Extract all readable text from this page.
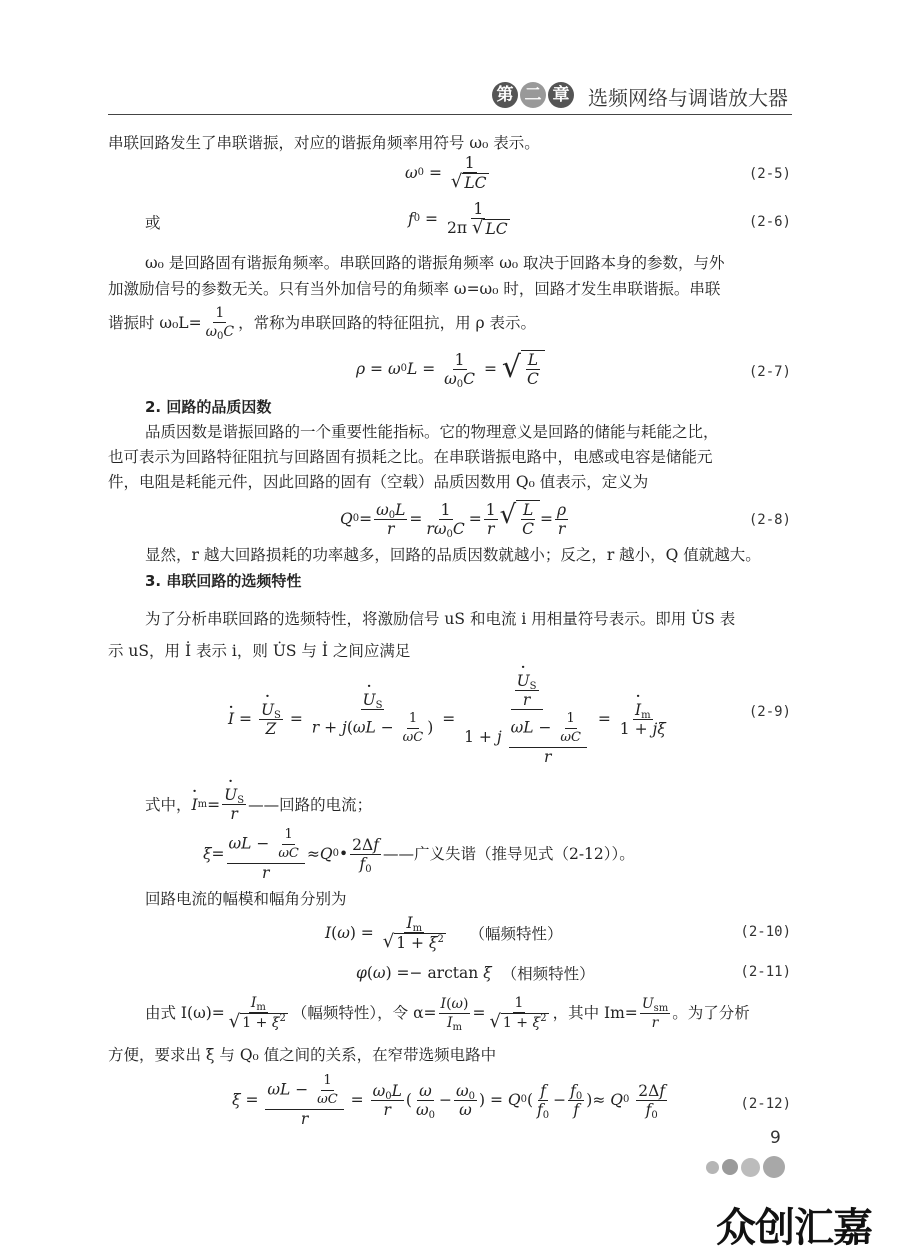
第 二 章 选频网络与调谐放大器
串联回路发生了串联谐振，对应的谐振角频率用符号 ω₀ 表示。
ω $0 = \frac{1}{√ LC}$	(2-5)
或	f $0 = \frac{1}{2\pi √ LC}$	(2-6)
ω₀ 是回路固有谐振角频率。串联回路的谐振角频率 ω₀ 取决于回路本身的参数，与外
加激励信号的参数无关。只有当外加信号的角频率 ω=ω₀ 时，回路才发生串联谐振。串联
谐振时 $\omega_0L= \frac{1}{\omega_0C}$ ，常称为串联回路的特征阻抗，用 ρ 表示。
ρ = ω 0 $L = \frac{1}{\omega_0C}$ = √ $\frac{L}{C}$	(2-7)
2. 回路的品质因数
品质因数是谐振回路的一个重要性能指标。它的物理意义是回路的储能与耗能之比，
也可表示为回路特征阻抗与回路固有损耗之比。在串联谐振电路中，电感或电容是储能元
件，电阻是耗能元件，因此回路的固有（空载）品质因数用 Q₀ 值表示，定义为
Q $0 = \frac{\omega_0L}{r} = \frac{1}{r\omega_0C} = \frac{1}{r}$ √ $\frac{L}{C} = \frac{\rho}{r}$	(2-8)
显然，r 越大回路损耗的功率越多，回路的品质因数就越小；反之，r 越小，Q 值就越大。
3. 串联回路的选频特性
为了分析串联回路的选频特性，将激励信号 uS 和电流 i 用相量符号表示。即用 U̇S 表
示 uS，用 İ 表示 i，则 U̇S 与 İ 之间应满足
· I = · $\frac{U_S}{Z}$ = · $\frac{U_S}{r + j(\omega L - \frac{1}{\omega C} )}$ = · $\frac{\frac{U_S}{r}}{1 + j \frac{\omega L - \frac{1}{\omega C}}{r}}$ = · $\frac{I_m}{1 + j\xi}$	(2-9)
式中， · I m = · $\frac{U_S}{r}$ ——回路的电流；
$\xi = \frac{\omega L - \frac{1}{\omega C}}{r} \approx Q$ 0 • $\frac{2\Delta f}{f_0}$ ——广义失谐（推导见式（2-12））。
回路电流的幅模和幅角分别为
I ( ω ) = $\frac{I_m}{√ 1 + \xi^2}$
（幅频特性）	(2-10)
φ ( ω ) =− arctan ξ
（相频特性）	(2-11)
由式 $I(\omega)= \frac{I_m}{√ 1 + \xi^2}$ （幅频特性），令 $\alpha= \frac{I(\omega)}{I_m} = \frac{1}{√ 1 + \xi^2}$ ，其中 $Im= \frac{U_{sm}}{r}$ 。为了分析
方便，要求出 ξ 与 Q₀ 值之间的关系，在窄带选频电路中
$\xi = \frac{\omega L - \frac{1}{\omega C}}{r} = \frac{\omega_0L}{r}$ ( $\frac{\omega}{\omega_0} - \frac{\omega_0}{\omega}$ ) = Q 0 ( $\frac{f}{f_0} - \frac{f_0}{f}$ )≈ Q 0
$\frac{2\Delta f}{f_0}$	(2-12)
9
众创汇嘉
